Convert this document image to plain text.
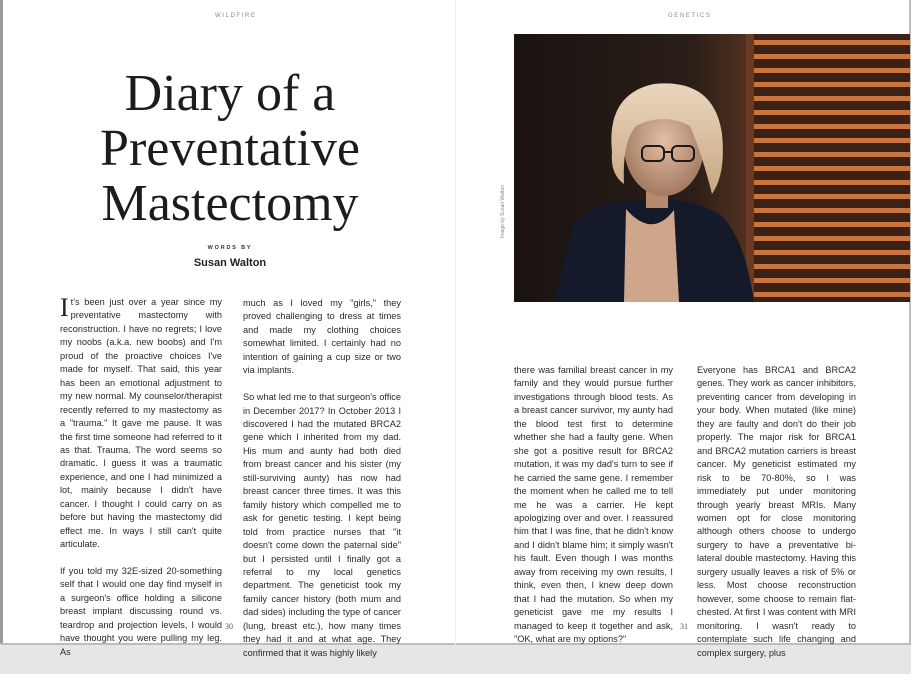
WILDFIRE
Diary of a
Preventative
Mastectomy
WORDS BY
Susan Walton

It's been just over a year since my preventative mastectomy with reconstruction. I have no regrets; I love my noobs (a.k.a. new boobs) and I'm proud of the proactive choices I've made for myself. That said, this year has been an emotional adjustment to my new normal. My counselor/therapist recently referred to my mastectomy as a "trauma." It gave me pause. It was the first time someone had referred to it as that. Trauma. The word seems so dramatic. I guess it was a traumatic experience, and one I had minimized a lot, mainly because I didn't have cancer. I thought I could carry on as before but having the mastectomy did effect me. In ways I still can't quite articulate.

If you told my 32E-sized 20-something self that I would one day find myself in a surgeon's office holding a silicone breast implant discussing round vs. teardrop and projection levels, I would have thought you were pulling my leg. As

much as I loved my "girls," they proved challenging to dress at times and made my clothing choices somewhat limited. I certainly had no intention of gaining a cup size or two via implants.

So what led me to that surgeon's office in December 2017? In October 2013 I discovered I had the mutated BRCA2 gene which I inherited from my dad. His mum and aunty had both died from breast cancer and his sister (my still-surviving aunty) has now had breast cancer three times. It was this family history which compelled me to ask for genetic testing. I kept being told from practice nurses that "it doesn't come down the paternal side" but I persisted until I finally got a referral to my local genetics department. The geneticist took my family cancer history (both mum and dad sides) including the type of cancer (lung, breast etc.), how many times they had it and at what age. They confirmed that it was highly likely

30
GENETICS
Image by Susan Walton

there was familial breast cancer in my family and they would pursue further investigations through blood tests. As a breast cancer survivor, my aunty had the blood test first to determine whether she had a faulty gene. When she got a positive result for BRCA2 mutation, it was my dad's turn to see if he carried the same gene. I remember the moment when he called me to tell me he was a carrier. He kept apologizing over and over. I reassured him that I was fine, that he didn't know and I didn't blame him; it simply wasn't his fault. Even though I was months away from receiving my own results, I think, even then, I knew deep down that I had the mutation. So when my geneticist gave me my results I managed to keep it together and ask, "OK, what are my options?"

Everyone has BRCA1 and BRCA2 genes. They work as cancer inhibitors, preventing cancer from developing in your body. When mutated (like mine) they are faulty and don't do their job properly. The major risk for BRCA1 and BRCA2 mutation carriers is breast cancer. My geneticist estimated my risk to be 70-80%, so I was immediately put under monitoring through yearly breast MRIs. Many women opt for close monitoring although others choose to undergo surgery to have a preventative bi-lateral double mastectomy. Having this surgery usually leaves a risk of 5% or less. Most choose reconstruction however, some choose to remain flat-chested. At first I was content with MRI monitoring. I wasn't ready to contemplate such life changing and complex surgery, plus

31
